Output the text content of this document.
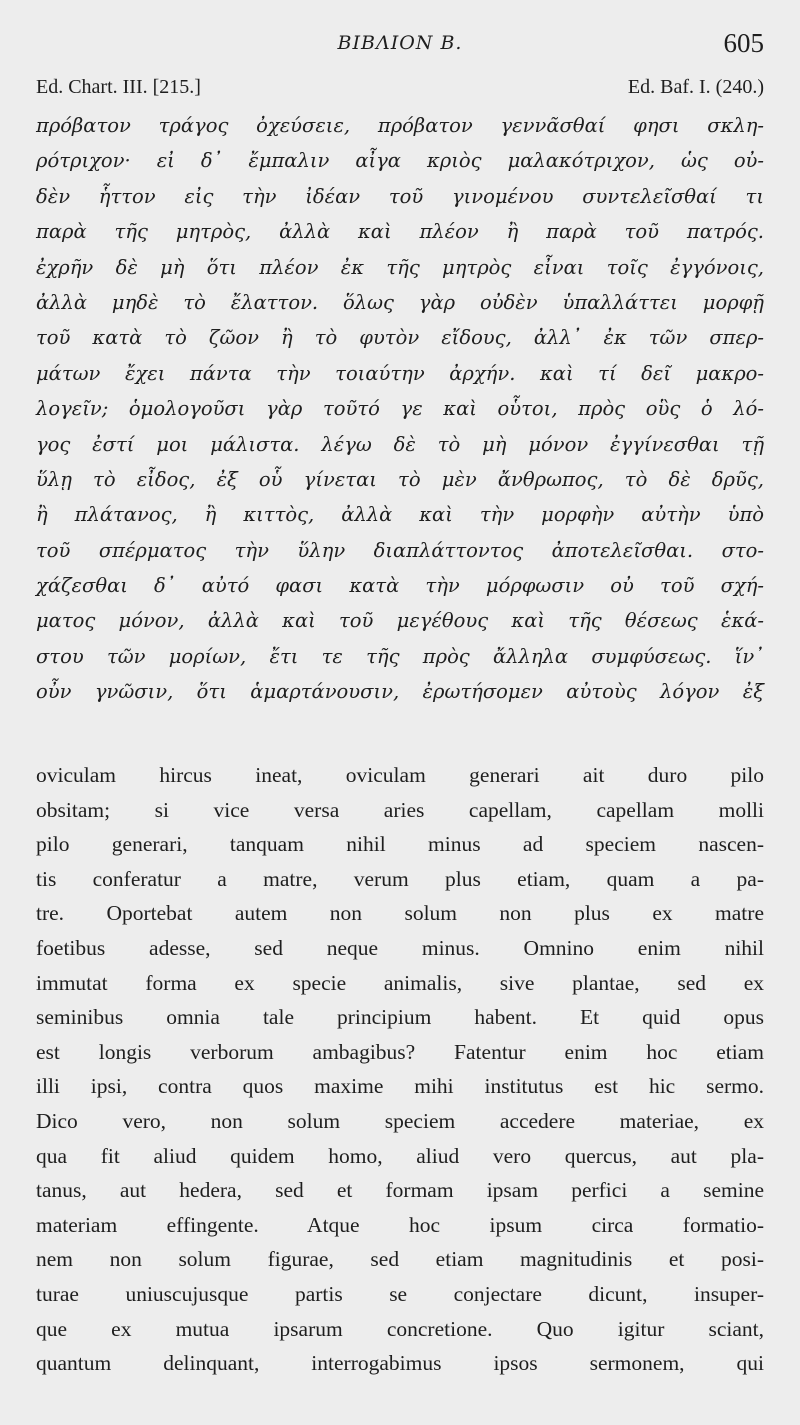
ΒΙΒΛΙΟΝ Β.	605
Ed. Chart. III. [215.]	Ed. Baf. I. (240.)
πρόβατον τράγος ὀχεύσειε, πρόβατον γεννᾶσθαί φησι σκλη-
ρότριχον· εἰ δ᾽ ἔμπαλιν αἶγα κριὸς μαλακότριχον, ὡς οὐ-
δὲν ἧττον εἰς τὴν ἰδέαν τοῦ γινομένου συντελεῖσθαί τι
παρὰ τῆς μητρὸς, ἀλλὰ καὶ πλέον ἢ παρὰ τοῦ πατρός.
ἐχρῆν δὲ μὴ ὅτι πλέον ἐκ τῆς μητρὸς εἶναι τοῖς ἐγγόνοις,
ἀλλὰ μηδὲ τὸ ἔλαττον. ὅλως γὰρ οὐδὲν ὑπαλλάττει μορφῇ
τοῦ κατὰ τὸ ζῶον ἢ τὸ φυτὸν εἴδους, ἀλλ᾽ ἐκ τῶν σπερ-
μάτων ἔχει πάντα τὴν τοιαύτην ἀρχήν. καὶ τί δεῖ μακρο-
λογεῖν; ὁμολογοῦσι γὰρ τοῦτό γε καὶ οὗτοι, πρὸς οὓς ὁ λό-
γος ἐστί μοι μάλιστα. λέγω δὲ τὸ μὴ μόνον ἐγγίνεσθαι τῇ
ὕλῃ τὸ εἶδος, ἐξ οὗ γίνεται τὸ μὲν ἄνθρωπος, τὸ δὲ δρῦς,
ἢ πλάτανος, ἢ κιττὸς, ἀλλὰ καὶ τὴν μορφὴν αὐτὴν ὑπὸ
τοῦ σπέρματος τὴν ὕλην διαπλάττοντος ἀποτελεῖσθαι. στο-
χάζεσθαι δ᾽ αὐτό φασι κατὰ τὴν μόρφωσιν οὐ τοῦ σχή-
ματος μόνον, ἀλλὰ καὶ τοῦ μεγέθους καὶ τῆς θέσεως ἑκά-
στου τῶν μορίων, ἔτι τε τῆς πρὸς ἄλληλα συμφύσεως. ἵν᾽
οὖν γνῶσιν, ὅτι ἁμαρτάνουσιν, ἐρωτήσομεν αὐτοὺς λόγον ἐξ
oviculam hircus ineat, oviculam generari ait duro pilo
obsitam; si vice versa aries capellam, capellam molli
pilo generari, tanquam nihil minus ad speciem nascen-
tis conferatur a matre, verum plus etiam, quam a pa-
tre. Oportebat autem non solum non plus ex matre
foetibus adesse, sed neque minus. Omnino enim nihil
immutat forma ex specie animalis, sive plantae, sed ex
seminibus omnia tale principium habent. Et quid opus
est longis verborum ambagibus? Fatentur enim hoc etiam
illi ipsi, contra quos maxime mihi institutus est hic sermo.
Dico vero, non solum speciem accedere materiae, ex
qua fit aliud quidem homo, aliud vero quercus, aut pla-
tanus, aut hedera, sed et formam ipsam perfici a semine
materiam effingente. Atque hoc ipsum circa formatio-
nem non solum figurae, sed etiam magnitudinis et posi-
turae uniuscujusque partis se conjectare dicunt, insuper-
que ex mutua ipsarum concretione. Quo igitur sciant,
quantum delinquant, interrogabimus ipsos sermonem, qui
